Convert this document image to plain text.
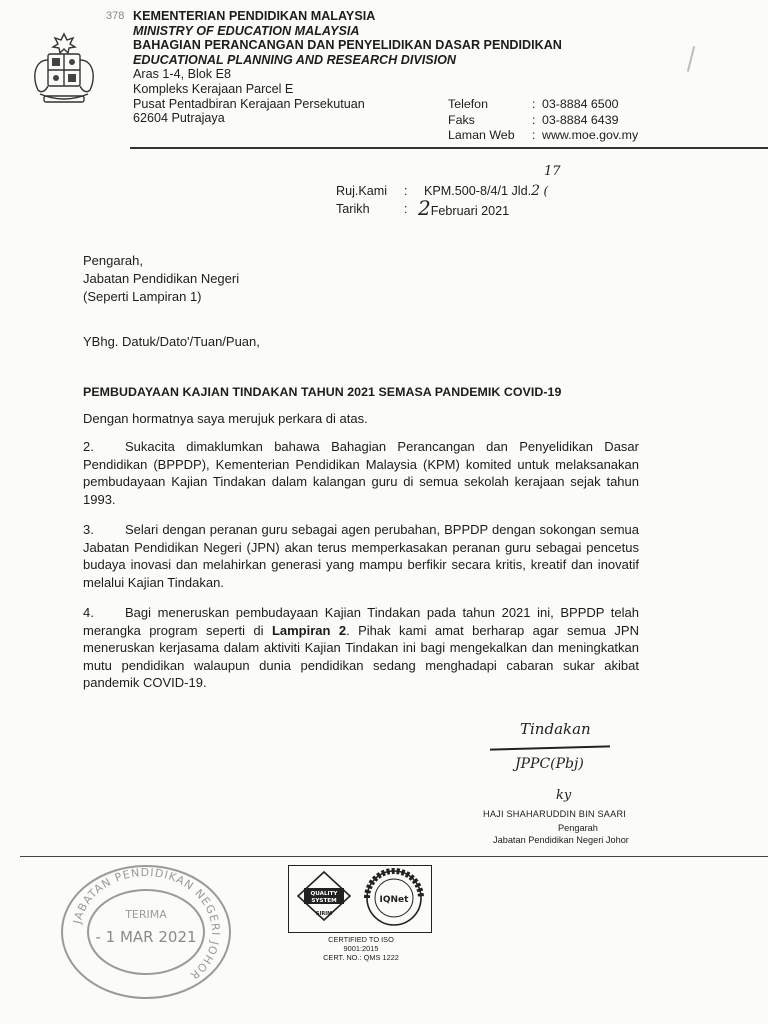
378 KEMENTERIAN PENDIDIKAN MALAYSIA
MINISTRY OF EDUCATION MALAYSIA
BAHAGIAN PERANCANGAN DAN PENYELIDIKAN DASAR PENDIDIKAN
EDUCATIONAL PLANNING AND RESEARCH DIVISION
Aras 1-4, Blok E8
Kompleks Kerajaan Parcel E
Pusat Pentadbiran Kerajaan Persekutuan
62604 Putrajaya
Telefon
Faks
Laman Web
:
:
:
03-8884 6500
03-8884 6439
www.moe.gov.my
17
Ruj.Kami
Tarikh
:
:
KPM.500-8/4/1 Jld.2 (
2Februari 2021
Pengarah,
Jabatan Pendidikan Negeri
(Seperti Lampiran 1)
YBhg. Datuk/Dato'/Tuan/Puan,
PEMBUDAYAAN KAJIAN TINDAKAN TAHUN 2021 SEMASA PANDEMIK COVID-19
Dengan hormatnya saya merujuk perkara di atas.
2. Sukacita dimaklumkan bahawa Bahagian Perancangan dan Penyelidikan Dasar Pendidikan (BPPDP), Kementerian Pendidikan Malaysia (KPM) komited untuk melaksanakan pembudayaan Kajian Tindakan dalam kalangan guru di semua sekolah kerajaan sejak tahun 1993.
3. Selari dengan peranan guru sebagai agen perubahan, BPPDP dengan sokongan semua Jabatan Pendidikan Negeri (JPN) akan terus memperkasakan peranan guru sebagai pencetus budaya inovasi dan melahirkan generasi yang mampu berfikir secara kritis, kreatif dan inovatif melalui Kajian Tindakan.
4. Bagi meneruskan pembudayaan Kajian Tindakan pada tahun 2021 ini, BPPDP telah merangka program seperti di Lampiran 2. Pihak kami amat berharap agar semua JPN meneruskan kerjasama dalam aktiviti Kajian Tindakan ini bagi mengekalkan dan meningkatkan mutu pendidikan walaupun dunia pendidikan sedang menghadapi cabaran sukar akibat pandemik COVID-19.
Tindakan
JPPC(Pbj)
ky
HAJI SHAHARUDDIN BIN SAARI
Pengarah
Jabatan Pendidikan Negeri Johor
JABATAN PENDIDIKAN NEGERI JOHOR
TERIMA
- 1 MAR 2021
QUALITY
SYSTEM
SIRIM
IQNet
CERTIFIED TO ISO 9001:2015
CERT. NO.: QMS 1222
